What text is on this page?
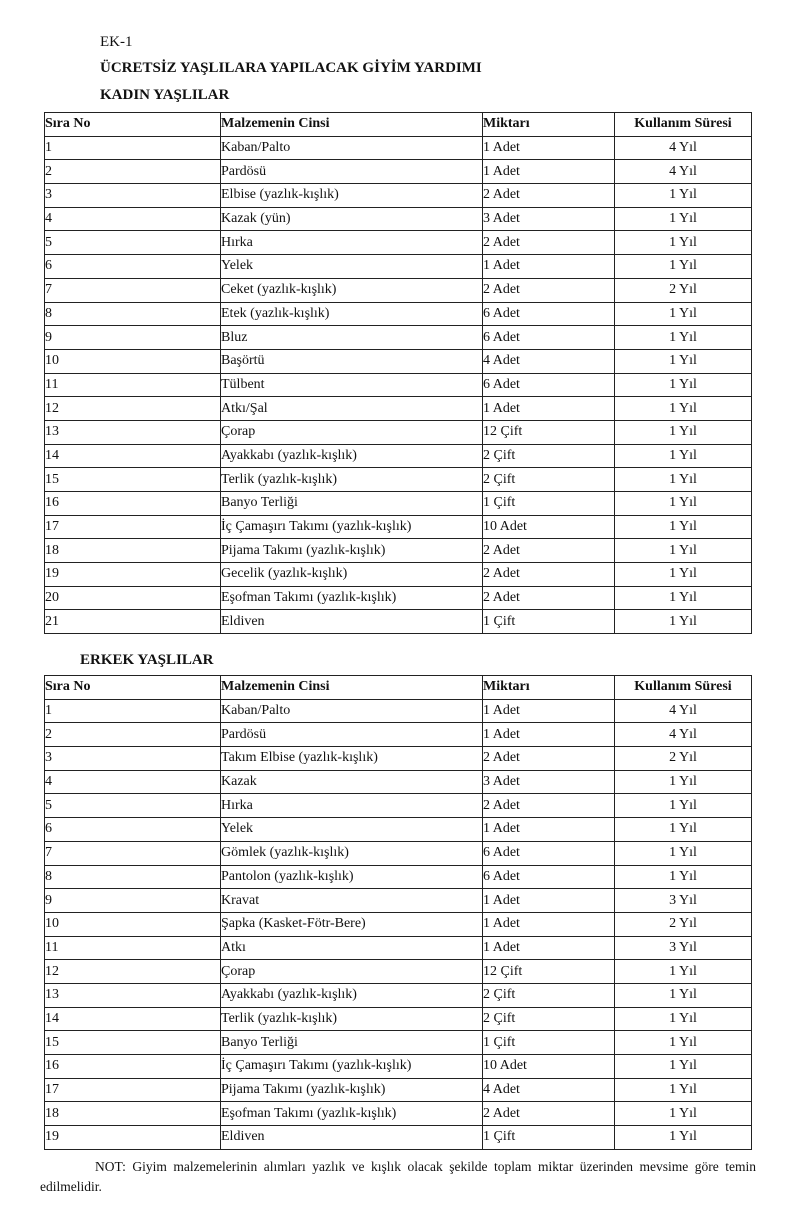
EK-1
ÜCRETSİZ YAŞLILARA YAPILACAK GİYİM YARDIMI
KADIN YAŞLILAR
Sıra No	Malzemenin Cinsi	Miktarı	Kullanım Süresi
1	Kaban/Palto	1 Adet	4 Yıl
2	Pardösü	1 Adet	4 Yıl
3	Elbise (yazlık-kışlık)	2 Adet	1 Yıl
4	Kazak (yün)	3 Adet	1 Yıl
5	Hırka	2 Adet	1 Yıl
6	Yelek	1 Adet	1 Yıl
7	Ceket (yazlık-kışlık)	2 Adet	2 Yıl
8	Etek (yazlık-kışlık)	6 Adet	1 Yıl
9	Bluz	6 Adet	1 Yıl
10	Başörtü	4 Adet	1 Yıl
11	Tülbent	6 Adet	1 Yıl
12	Atkı/Şal	1 Adet	1 Yıl
13	Çorap	12 Çift	1 Yıl
14	Ayakkabı (yazlık-kışlık)	2 Çift	1 Yıl
15	Terlik (yazlık-kışlık)	2 Çift	1 Yıl
16	Banyo Terliği	1 Çift	1 Yıl
17	İç Çamaşırı Takımı (yazlık-kışlık)	10 Adet	1 Yıl
18	Pijama Takımı (yazlık-kışlık)	2 Adet	1 Yıl
19	Gecelik (yazlık-kışlık)	2 Adet	1 Yıl
20	Eşofman Takımı (yazlık-kışlık)	2 Adet	1 Yıl
21	Eldiven	1 Çift	1 Yıl
ERKEK YAŞLILAR
Sıra No	Malzemenin Cinsi	Miktarı	Kullanım Süresi
1	Kaban/Palto	1 Adet	4 Yıl
2	Pardösü	1 Adet	4 Yıl
3	Takım Elbise (yazlık-kışlık)	2 Adet	2 Yıl
4	Kazak	3 Adet	1 Yıl
5	Hırka	2 Adet	1 Yıl
6	Yelek	1 Adet	1 Yıl
7	Gömlek (yazlık-kışlık)	6 Adet	1 Yıl
8	Pantolon (yazlık-kışlık)	6 Adet	1 Yıl
9	Kravat	1 Adet	3 Yıl
10	Şapka (Kasket-Fötr-Bere)	1 Adet	2 Yıl
11	Atkı	1 Adet	3 Yıl
12	Çorap	12 Çift	1 Yıl
13	Ayakkabı (yazlık-kışlık)	2 Çift	1 Yıl
14	Terlik (yazlık-kışlık)	2 Çift	1 Yıl
15	Banyo Terliği	1 Çift	1 Yıl
16	İç Çamaşırı Takımı (yazlık-kışlık)	10 Adet	1 Yıl
17	Pijama Takımı (yazlık-kışlık)	4 Adet	1 Yıl
18	Eşofman Takımı (yazlık-kışlık)	2 Adet	1 Yıl
19	Eldiven	1 Çift	1 Yıl
NOT: Giyim malzemelerinin alımları yazlık ve kışlık olacak şekilde toplam miktar üzerinden mevsime göre temin edilmelidir.
